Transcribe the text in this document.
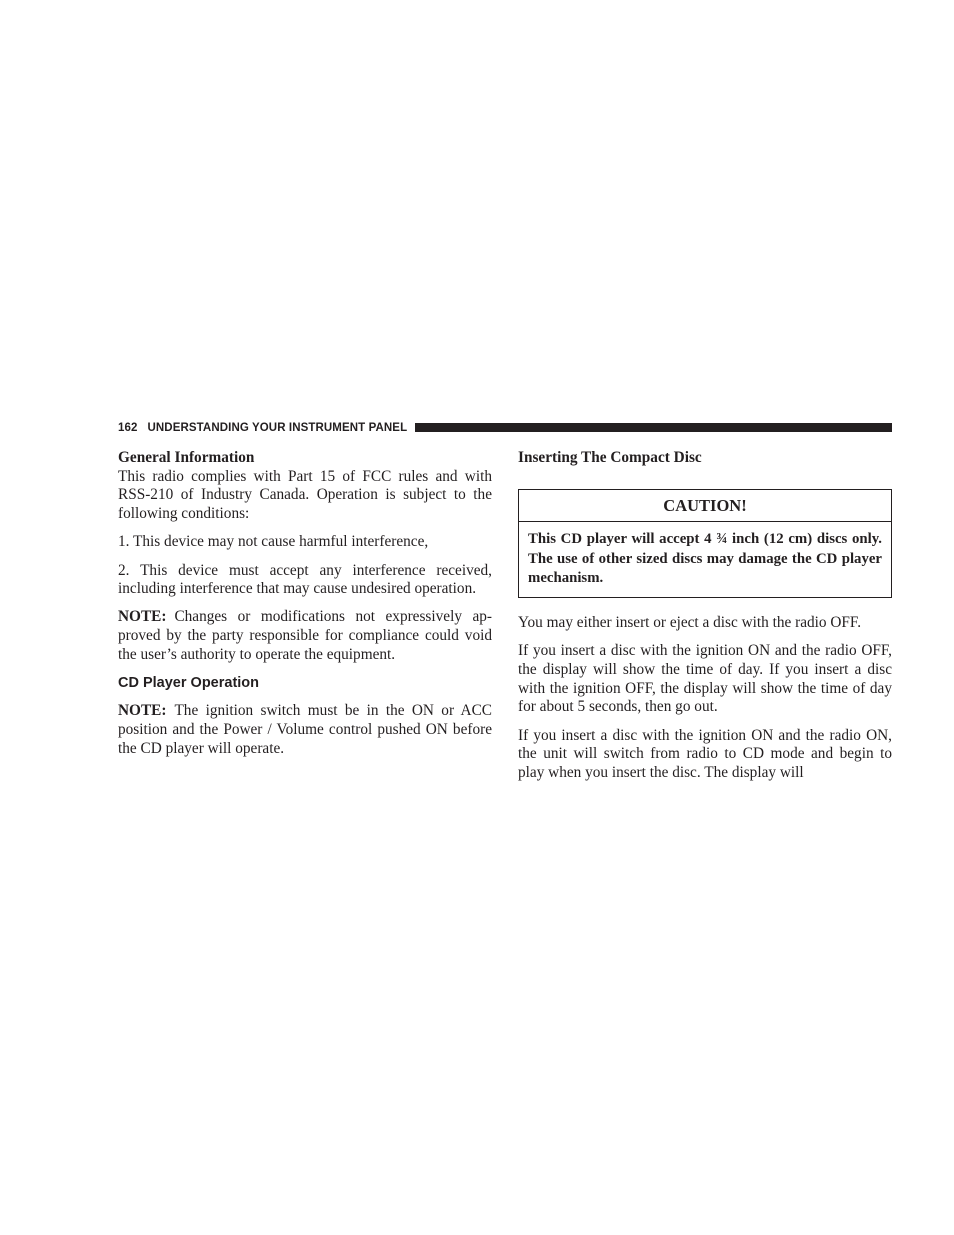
162 UNDERSTANDING YOUR INSTRUMENT PANEL
General Information

This radio complies with Part 15 of FCC rules and with RSS-210 of Industry Canada. Operation is subject to the following conditions:

1. This device may not cause harmful interference,

2. This device must accept any interference received, including interference that may cause undesired operation.

NOTE: Changes or modifications not expressively approved by the party responsible for compliance could void the user’s authority to operate the equipment.

CD Player Operation

NOTE: The ignition switch must be in the ON or ACC position and the Power / Volume control pushed ON before the CD player will operate.

Inserting The Compact Disc
CAUTION!
This CD player will accept 4 ¾ inch (12 cm) discs only. The use of other sized discs may damage the CD player mechanism.

You may either insert or eject a disc with the radio OFF.

If you insert a disc with the ignition ON and the radio OFF, the display will show the time of day. If you insert a disc with the ignition OFF, the display will show the time of day for about 5 seconds, then go out.

If you insert a disc with the ignition ON and the radio ON, the unit will switch from radio to CD mode and begin to play when you insert the disc. The display will
